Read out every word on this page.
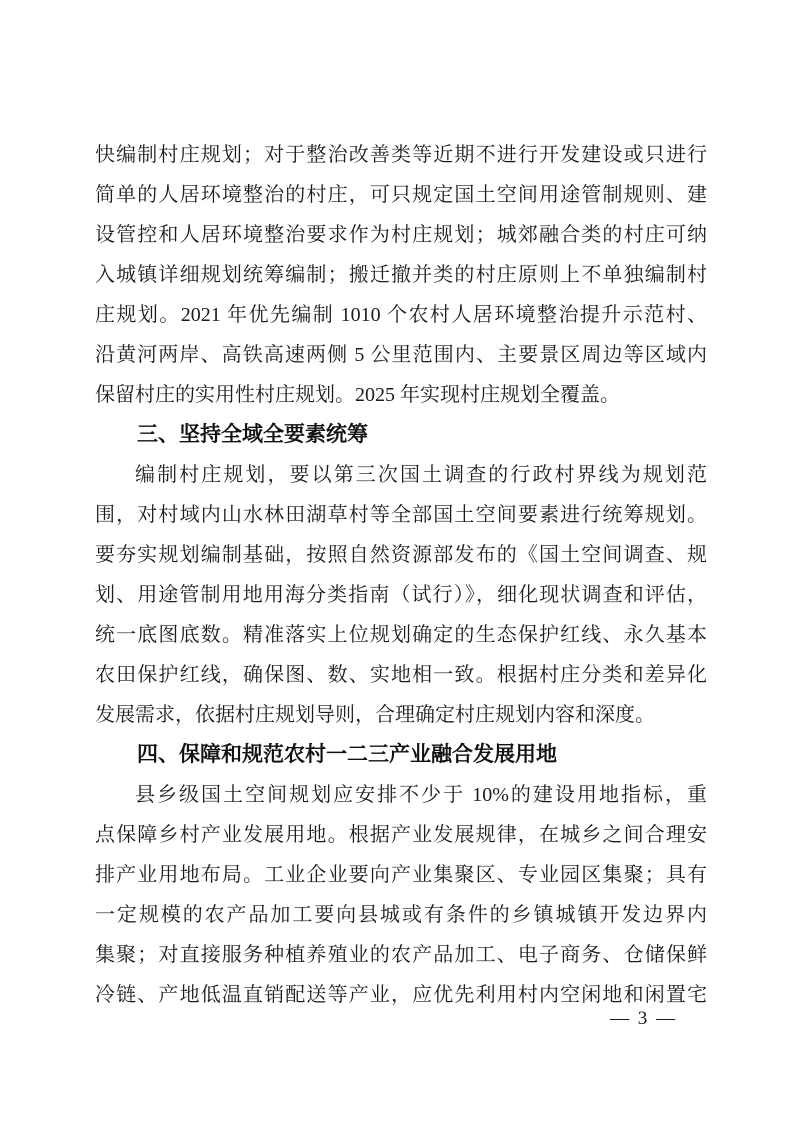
快编制村庄规划；对于整治改善类等近期不进行开发建设或只进行
简单的人居环境整治的村庄，可只规定国土空间用途管制规则、建
设管控和人居环境整治要求作为村庄规划；城郊融合类的村庄可纳
入城镇详细规划统筹编制；搬迁撤并类的村庄原则上不单独编制村
庄规划。2021 年优先编制 1010 个农村人居环境整治提升示范村、
沿黄河两岸、高铁高速两侧 5 公里范围内、主要景区周边等区域内
保留村庄的实用性村庄规划。2025 年实现村庄规划全覆盖。
三、坚持全域全要素统筹
编制村庄规划，要以第三次国土调查的行政村界线为规划范
围，对村域内山水林田湖草村等全部国土空间要素进行统筹规划。
要夯实规划编制基础，按照自然资源部发布的《国土空间调查、规
划、用途管制用地用海分类指南（试行）》，细化现状调查和评估，
统一底图底数。精准落实上位规划确定的生态保护红线、永久基本
农田保护红线，确保图、数、实地相一致。根据村庄分类和差异化
发展需求，依据村庄规划导则，合理确定村庄规划内容和深度。
四、保障和规范农村一二三产业融合发展用地
县乡级国土空间规划应安排不少于 10%的建设用地指标，重
点保障乡村产业发展用地。根据产业发展规律，在城乡之间合理安
排产业用地布局。工业企业要向产业集聚区、专业园区集聚；具有
一定规模的农产品加工要向县城或有条件的乡镇城镇开发边界内
集聚；对直接服务种植养殖业的农产品加工、电子商务、仓储保鲜
冷链、产地低温直销配送等产业，应优先利用村内空闲地和闲置宅
— 3 —
